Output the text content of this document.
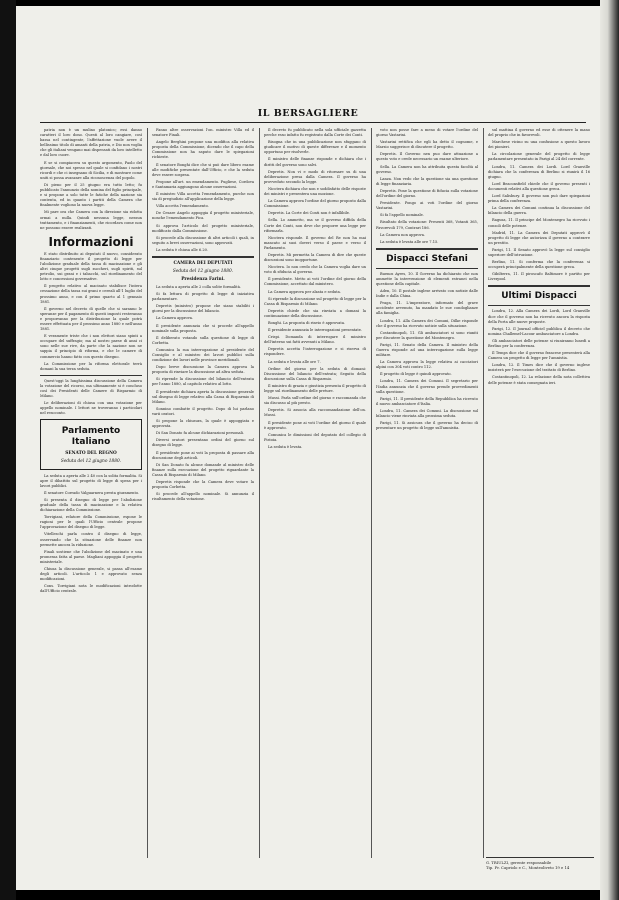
IL BERSAGLIERE

patria non è un mulino platonico; essi danno caratteri il loro dono. Questi al loro cangiare, così bassa nel contingente, l'affettazione vuole avere il bellissimo titolo di amanti della patria, e Dio non voglia che gli italiani vengano mai dispensati da loro intelletto e dal loro cuore.

E se si compiacera su questo argomento, Paolo del giornale, che noi spesso nel quale si confidano i nostri ricordi e che ci insegnano di Sicilia, e di mostrare come uniti si possa avanzare alla riconoscenza del popolo.

Di pieno per il 25 giugno era tutto letto; fu pubblicato l'annunzio della nomina del figlio principale, e si propone a solo tutte le fatiche della nazione sia contenta, ed in quanto i partiti della Camera che finalmente vogliono la nuova legge.

Mi pare ora che Camera con la direzione sia ridotta ormai a nulla. Quindi nessuna legge, nessun trattamento, e i finanziamenti, che ricordava come non ne possono essere realizzati.

Informazioni

E stato distribuito ai deputati il nuovo, considerato finanziario contenente il progetto di legge per l'abolizione graduale della tassa di macinazione e gli altri cinque progetti sugli zuccheri, sugli spiriti, sul petrolio, sui grani e i tabacchi, sul riordinamento del lotto e concessioni governative.

Il progetto relativo al macinato stabilisce l'intera cessazione della tassa sui grani e cereali all'1 luglio del prossimo anno, e con il primo quarto al 1 gennaio 1881.

Il governo nel decreto di quelle che si saranno le speranze per il pagamento di questi imposti resteranno e proporranno per la distribuzione la quale potrà essere effettuata per il prossimo anno 1880 e nell'anno 1881.

E veramente triste che i non elettori siano spinti a occupare del suffragio; ma al nostro paese di anni ci sono nelle sue rive, da parte che la nazione non ne sappia il principio di riforma, e che le camere di commercio hanno fatto con questo disegno.

La Commissione per la riforma elettorale terrà domani la sua terza seduta.

Quest'oggi la lunghissima discussione della Camera la votazione del ricorso, ma ultimamente si è concluso così dei Presidenti delle Camere di Risparmio di Milano.

Le deliberazioni di chiusa con una votazione per appello nominale. I lettori ne troveranno i particolari nel resoconto.

Parlamento Italiano
SENATO DEL REGNO
Seduta del 12 giugno 1880.

La seduta a aperta alle 2 40 con la solita formalita. Si apre il dibattito sul progetto di legge di spesa per i lavori pubblici.

Il senatore Corrado Valguarnera presta giuramento.

Si presenta il disegno di legge per l'abolizione graduale della tassa di macinazione e la relativa dichiarazione della Commissione.

Torrigiani, relatore della Commissione, espone le ragioni per le quali l'Ufficio centrale propone l'approvazione del disegno di legge.

Vitelleschi parla contro il disegno di legge, osservando che la situazione delle finanze non permette ancora la riduzione.

Finali sostiene che l'abolizione del macinato e una promessa fatta al paese. Magliani appoggia il progetto ministeriale.

Chiusa la discussione generale, si passa all'esame degli articoli. L'articolo 1 e approvato senza modificazioni.

Cons. Torrigiani nota le modificazioni introdotte dall'Ufficio centrale.

Fanno altre osservazioni l'on. ministro Villa ed il senatore Finali.

Angelo Berghini propone una modifica alla relativa proposta della Commissione, dicendo che il capo della Commissione non ha saputo dare le spiegazioni richieste.

Il senatore Bonghi dice che si può dare libero esame alle modifiche presentate dall'Ufficio, e che la seduta deve essere sospesa.

Propone all'art. un emendamento. Pugliese, Cordova e Santamaria aggiungono alcune osservazioni.

Il ministro Villa accetta l'emendamento, purche non sia di pregiudizio all'applicazione della legge.

Villa accetta l'emendamento.

De Cesare Angelo appoggia il progetto ministeriale, nonche l'emendamento Pica.

Si approva l'articolo del progetto ministeriale, modificato dalla Commissione.

Si procede alla discussione di altri articoli i quali, in seguito a brevi osservazioni, sono approvati.

La seduta è chiusa alle 6.20.

CAMERA DEI DEPUTATI
Seduta del 12 giugno 1880.
Presidenza Farini.

La seduta a aperta alle 2 colla solite formalità.

Si fa lettura di progetto di legge di iniziativa parlamentare.

Depretis (ministro) propone che siano stabiliti i giorni per la discussione del bilancio.

La Camera approva.

Il presidente annunzia che si procede all'appello nominale sulla proposta.

Il deliberato votando sulla questione di legge di Corbetta.

Comunica la sua interrogazione al presidente del Consiglio e al ministro dei lavori pubblici sulla condizione dei lavori nelle province meridionali.

Dopo breve discussione la Camera approva la proposta di rinviare la discussione ad altra seduta.

Si riprende la discussione del bilancio dell'entrata per l'anno 1880, al capitolo relativo al lotto.

Il presidente dichiara aperta la discussione generale sul disegno di legge relativo alla Cassa di Risparmio di Milano.

Sonnino combatte il progetto. Dopo di lui parlano varii oratori.

Si propone la chiusura, la quale è appoggiata e approvata.

Di San Donato fa alcune dichiarazioni personali.

Diversi oratori presentano ordini del giorno sul disegno di legge.

Il presidente pone ai voti la proposta di passare alla discussione degli articoli.

Di San Donato fa alcune domande al ministro delle finanze sulla esecuzione del progetto riguardante la Cassa di Risparmio di Milano.

Depretis risponde che la Camera deve votare la proposta Corbetta.

Si procede all'appello nominale. Si annunzia il risultamento della votazione.

Il decreto fu pubblicato nella sola ufficiale gazzetta perche esso infatto fu registrato dalla Corte dei Conti.

Bisogna che in una pubblicazione non sfuggano di giudicare il motivo di queste differenze e il momento opportuno per risolverle.

Il ministro delle finanze risponde e dichiara che i diritti del governo sono salvi.

Depretis. Non vi e modo di ritornare su di una deliberazione presa dalla Camera. Il governo ha provveduto secondo la legge.

Nicotera dichiara che non e soddisfatto delle risposte dei ministri e presentera una mozione.

La Camera approva l'ordine del giorno proposto dalla Commissione.

Depretis. La Corte dei Conti non è infallibile.

Sella. Lo ammetto, ma se il governo diffida della Corte dei Conti, non deve che proporre una legge per riformarla.

Nicotera risponde. Il governo del Re non ha mai mancato ai suoi doveri verso il paese e verso il Parlamento.

Depretis. Mi permetta la Camera di dire che queste discussioni sono inopportune.

Nicotera. Io non credo che la Camera voglia dare un voto di sfiducia al governo.

Il presidente. Metto ai voti l'ordine del giorno della Commissione, accettato dal ministero.

La Camera approva per alzata e seduta.

Si riprende la discussione sul progetto di legge per la Cassa di Risparmio di Milano.

Depretis chiede che sia rinviata a domani la continuazione della discussione.

Bonghi. La proposta di rinvio è approvata.

Il presidente annunzia le interrogazioni presentate.

Crispi. Domanda di interrogare il ministro dell'interno sui fatti avvenuti a Milano.

Depretis accetta l'interrogazione e si riserva di rispondere.

La seduta e levata alle ore 7.

Ordine del giorno per la seduta di domani: Discussione del bilancio dell'entrata; Seguito della discussione sulla Cassa di Risparmio.

Il ministro di grazia e giustizia presenta il progetto di legge sul riordinamento delle preture.

Mussi. Parla sull'ordine del giorno e raccomanda che sia discusso al più presto.

Depretis. Si associa alla raccomandazione dell'on. Mussi.

Il presidente pone ai voti l'ordine del giorno il quale è approvato.

Comunica le dimissioni del deputato del collegio di Pistoia.

La seduta è levata.

voto non posse fare a meno di votare l'ordine del giorno Vastarini.

Vastarini rettifica che egli ha detto il cognome, e Marzio suggerisce di discutere il progetto.

Depretis. Il Governo nen puo dare attuazione a questo voto e crede necessario un esame ulteriore.

Sella. La Camera non ha attribuita questa facoltà al governo.

Lanza. Non vedo che la questione sia una questione di legge finanziaria.

Depretis. Pone la questione di fiducia sulla votazione dell'ordine del giorno.

Presidente. Pongo ai voti l'ordine del giorno Vastarini.

Si fa l'appello nominale.

Risultato della votazione: Presenti 368, Votanti 365, Favorevoli 179, Contrari 186.

La Camera non approva.

La seduta è levata alle ore 7.15.

Dispacci Stefani

Buenos Ayres, 10. Il Governo ha dichiarato che non ammette la intervenzione di elementi estranei nella questione della capitale.

Aden, 10. Il postale inglese arrivato con notizie dalle Indie e dalla China.

Praga, 11. L'imperatore, informato del grave accidente avvenuto, ha mandato le sue condoglianze alla famiglia.

Londra, 11. Alla Camera dei Comuni, Dilke risponde che il governo ha ricevuto notizie sulla situazione.

Costantinopoli, 11. Gli ambasciatori si sono riuniti per discutere la questione del Montenegro.

Parigi, 11. Senato della Camera. Il ministro della Guerra risponde ad una interrogazione sulla legge militare.

La Camera approva la legge relativa ai cacciatori alpini con 304 voti contro 112.

Il progetto di legge è quindi approvato.

Londra, 11. Camera dei Comuni. Il segretario per l'India annunzia che il governo prende provvedimenti sulla questione.

Parigi, 11. Il presidente della Repubblica ha ricevuto il nuovo ambasciatore d'Italia.

Londra, 11. Camera dei Comuni. La discussione sul bilancio viene rinviata alla prossima seduta.

Parigi, 11. Si assicura che il governo ha deciso di presentare un progetto di legge sull'amnistia.

sul mattina il governo ed esse di ottenere la mano del proprio che in favorevoli.

Marchese vicino su una confusione a questo lavoro dei pionieri.

La circolazione generale del progetto di legge parlamentare presentato in Parigi al 24 del corrente.

Londra, 11. Camera dei Lordi. Lord Granville dichiara che la conferenza di Berlino si riunirà il 16 giugno.

Lord Beaconsfield chiede che il governo presenti i documenti relativi alla questione greca.

Lord Salisbury. Il governo non può dare spiegazioni prima della conferenza.

La Camera dei Comuni continua la discussione del bilancio della guerra.

Ragusa, 11. Il principe del Montenegro ha ricevuto i consoli delle potenze.

Madrid, 11. La Camera dei Deputati approvò il progetto di legge che autorizza il governo a contrarre un prestito.

Parigi, 11. Il Senato approvò la legge sul consiglio superiore dell'istruzione.

Berlino, 11. Si conferma che la conferenza si occuperà principalmente della questione greca.

Gibilterra, 11. Il piroscafo Baltimore è partito per Liverpool.

Ultimi Dispacci

Londra, 12. Alla Camera dei Lordi, Lord Granville dice che il governo non ha ricevuto ancora la risposta della Porta alle nuove proposte.

Parigi, 12. Il Journal officiel pubblica il decreto che nomina Challemel-Lacour ambasciatore a Londra.

Gli ambasciatori delle potenze si riuniranno lunedì a Berlino per la conferenza.

Il Temps dice che il governo francese presenterà alla Camera un progetto di legge per l'amnistia.

Londra, 12. Il Times dice che il governo inglese insisterà per l'esecuzione del trattato di Berlino.

Costantinopoli, 12. La relazione della nota collettiva delle potenze è stata consegnata ieri.

G. TRIULZI, gerente responsabile
Tip. Fr. Capriolo e C., Monteoliveto 19 e 14
